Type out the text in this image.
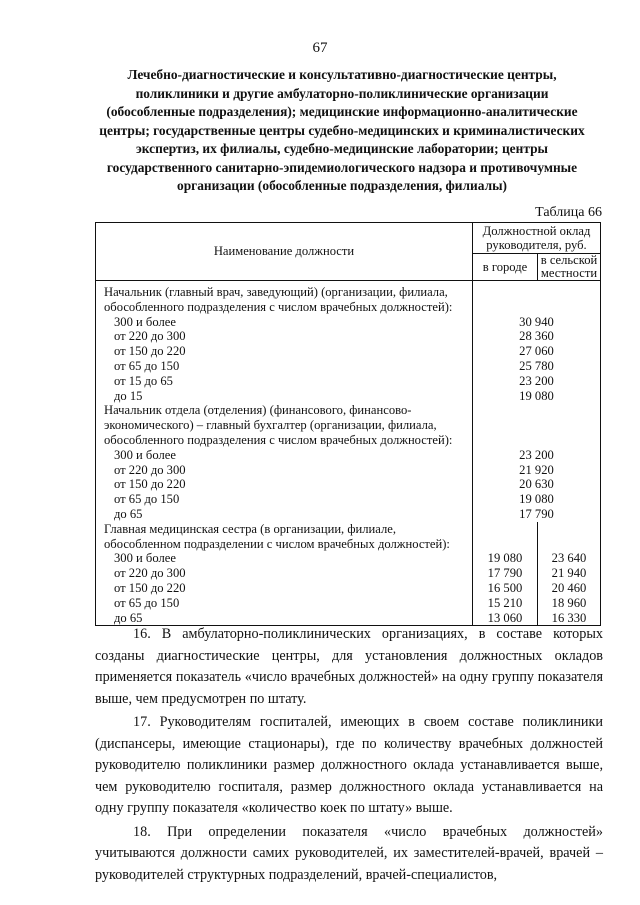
67
Лечебно-диагностические и консультативно-диагностические центры, поликлиники и другие амбулаторно-поликлинические организации (обособленные подразделения); медицинские информационно-аналитические центры; государственные центры судебно-медицинских и криминалистических экспертиз, их филиалы, судебно-медицинские лаборатории; центры государственного санитарно-эпидемиологического надзора и противочумные организации (обособленные подразделения, филиалы)
Таблица 66
Наименование должности	Должностной оклад руководителя, руб.	
	в городе	в сельской местности
Начальник (главный врач, заведующий) (организации, филиала, обособленного подразделения с числом врачебных должностей):		
300 и более	30 940	
от 220 до 300	28 360	
от 150 до 220	27 060	
от 65 до 150	25 780	
от 15 до 65	23 200	
до 15	19 080	
Начальник отдела (отделения) (финансового, финансово-экономического) – главный бухгалтер (организации, филиала, обособленного подразделения с числом врачебных должностей):		
300 и более	23 200	
от 220 до 300	21 920	
от 150 до 220	20 630	
от 65 до 150	19 080	
до 65	17 790	
Главная медицинская сестра (в организации, филиале, обособленном подразделении с числом врачебных должностей):		
300 и более	19 080	23 640
от 220 до 300	17 790	21 940
от 150 до 220	16 500	20 460
от 65 до 150	15 210	18 960
до 65	13 060	16 330

16. В амбулаторно-поликлинических организациях, в составе которых созданы диагностические центры, для установления должностных окладов применяется показатель «число врачебных должностей» на одну группу показателя выше, чем предусмотрен по штату.

17. Руководителям госпиталей, имеющих в своем составе поликлиники (диспансеры, имеющие стационары), где по количеству врачебных должностей руководителю поликлиники размер должностного оклада устанавливается выше, чем руководителю госпиталя, размер должностного оклада устанавливается на одну группу показателя «количество коек по штату» выше.

18. При определении показателя «число врачебных должностей» учитываются должности самих руководителей, их заместителей-врачей, врачей – руководителей структурных подразделений, врачей-специалистов,
